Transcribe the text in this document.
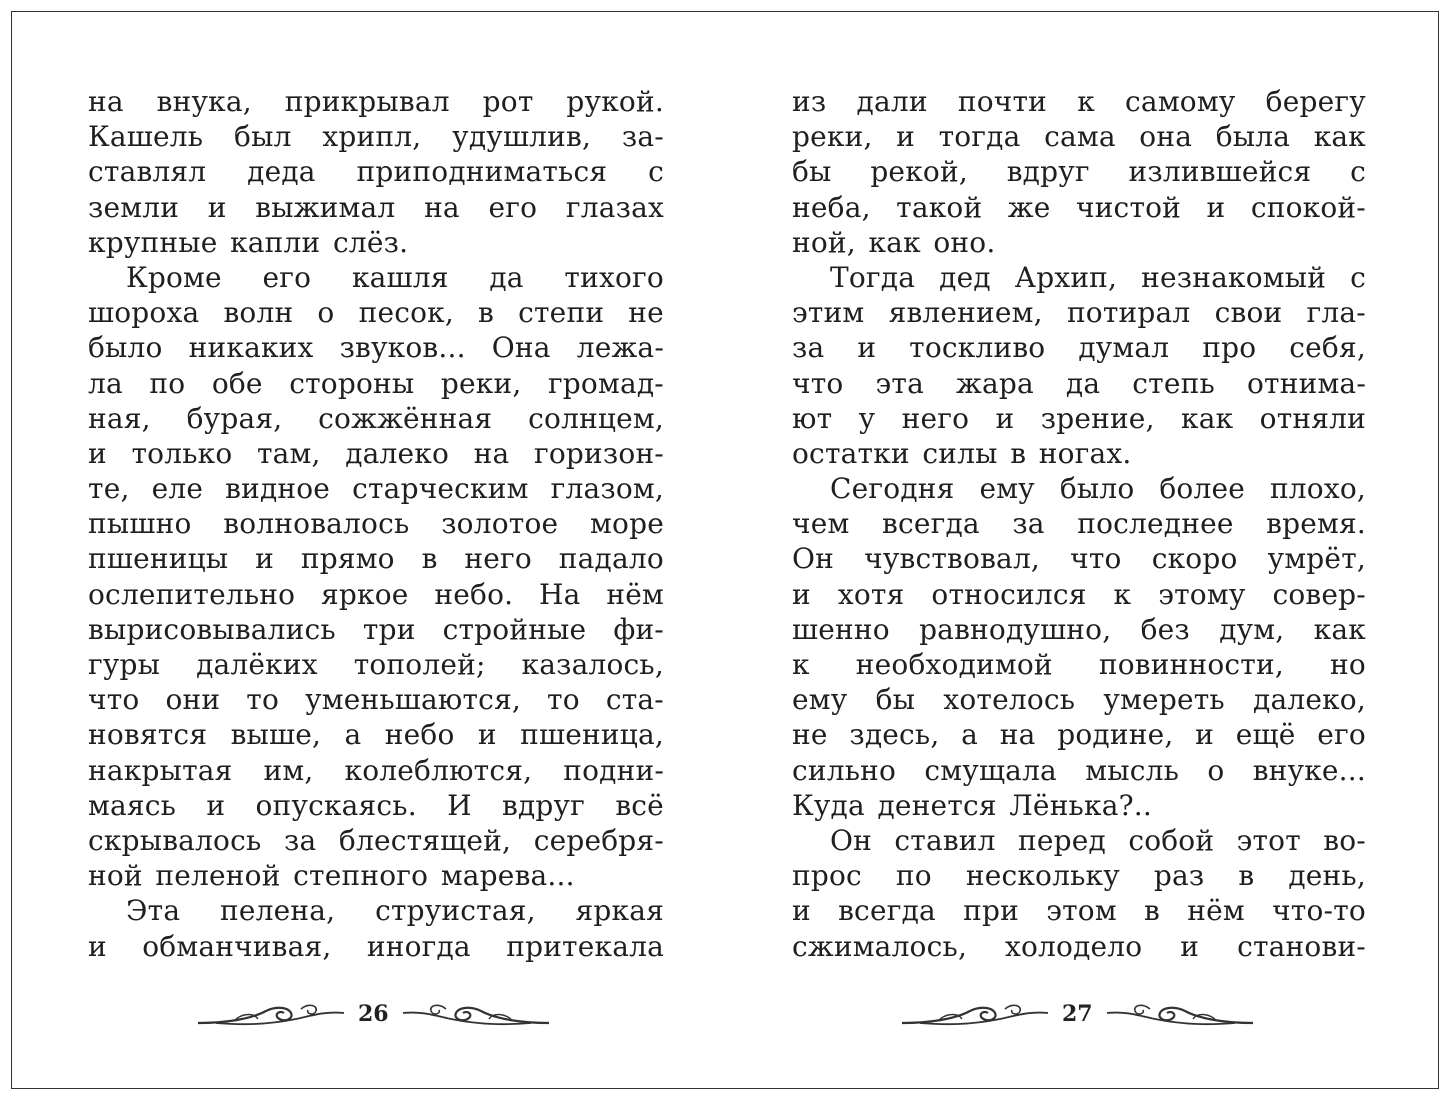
на внука, прикрывал рот рукой.
Кашель был хрипл, удушлив, за-
ставлял деда приподниматься с
земли и выжимал на его глазах
крупные капли слёз.
Кроме его кашля да тихого
шороха волн о песок, в степи не
было никаких звуков... Она лежа-
ла по обе стороны реки, громад-
ная, бурая, сожжённая солнцем,
и только там, далеко на горизон-
те, еле видное старческим глазом,
пышно волновалось золотое море
пшеницы и прямо в него падало
ослепительно яркое небо. На нём
вырисовывались три стройные фи-
гуры далёких тополей; казалось,
что они то уменьшаются, то ста-
новятся выше, а небо и пшеница,
накрытая им, колеблются, подни-
маясь и опускаясь. И вдруг всё
скрывалось за блестящей, серебря-
ной пеленой степного марева...
Эта пелена, струистая, яркая
и обманчивая, иногда притекала
из дали почти к самому берегу
реки, и тогда сама она была как
бы рекой, вдруг излившейся с
неба, такой же чистой и спокой-
ной, как оно.
Тогда дед Архип, незнакомый с
этим явлением, потирал свои гла-
за и тоскливо думал про себя,
что эта жара да степь отнима-
ют у него и зрение, как отняли
остатки силы в ногах.
Сегодня ему было более плохо,
чем всегда за последнее время.
Он чувствовал, что скоро умрёт,
и хотя относился к этому совер-
шенно равнодушно, без дум, как
к необходимой повинности, но
ему бы хотелось умереть далеко,
не здесь, а на родине, и ещё его
сильно смущала мысль о внуке...
Куда денется Лёнька?..
Он ставил перед собой этот во-
прос по нескольку раз в день,
и всегда при этом в нём что-то
сжималось, холодело и станови-
26	27
